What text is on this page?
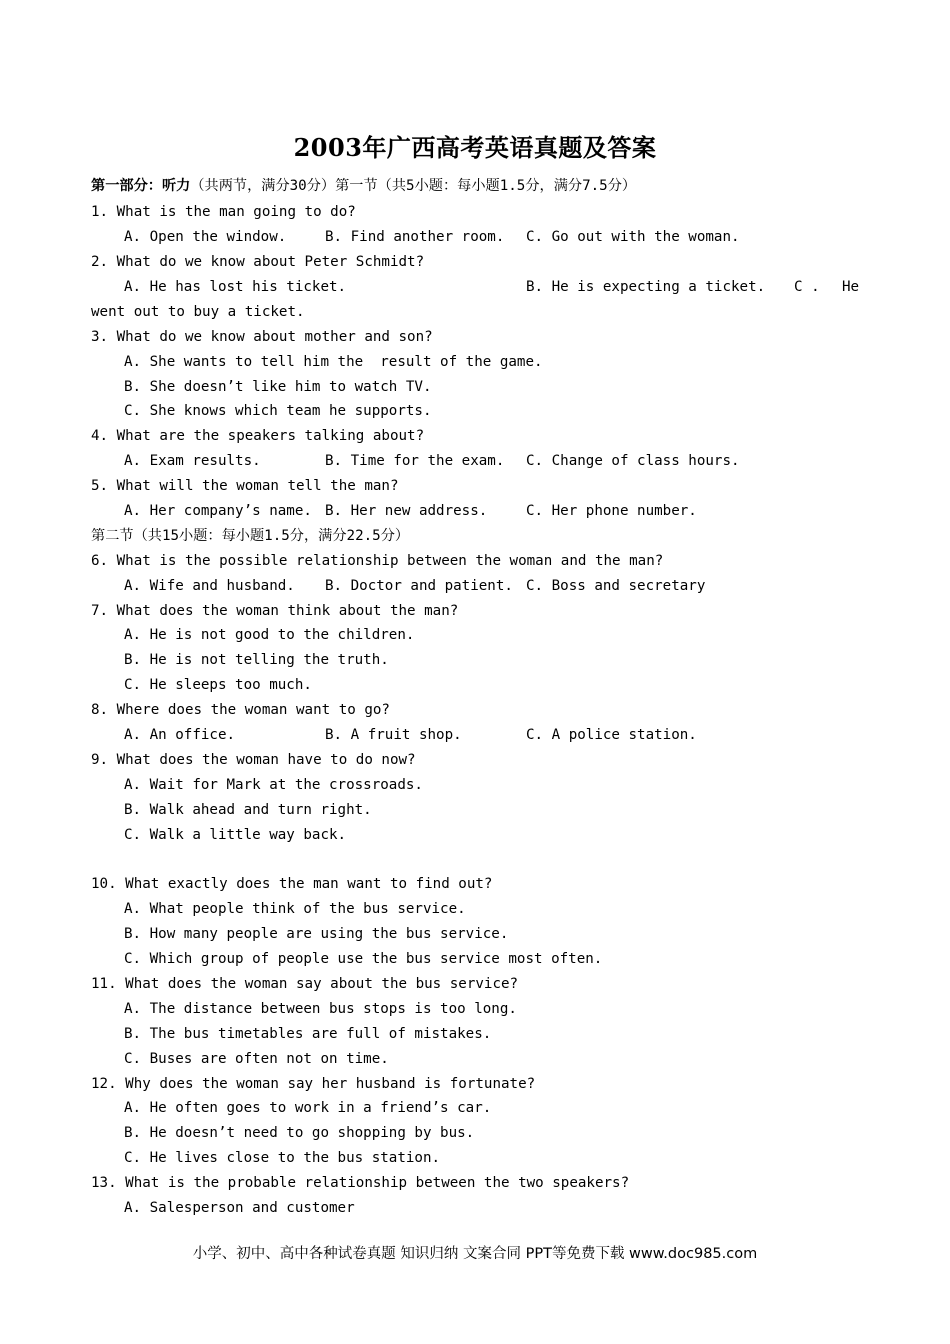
2003年广西高考英语真题及答案
第一部分：听力（共两节，满分30分）第一节（共5小题：每小题1.5分，满分7.5分）
1. What is the man going to do?
A. Open the window.	B. Find another room. C. Go out with the woman.
2. What do we know about Peter Schmidt?
A. He has lost his ticket.	B. He is expecting a ticket. C . He
went out to buy a ticket.
3. What do we know about mother and son?
A. She wants to tell him the  result of the game.
B. She doesn’t like him to watch TV.
C. She knows which team he supports.
4. What are the speakers talking about?
A. Exam results.	B. Time for the exam. C. Change of class hours.
5. What will the woman tell the man?
A. Her company’s name. B. Her new address.	C. Her phone number.
第二节（共15小题：每小题1.5分，满分22.5分）
6. What is the possible relationship between the woman and the man?
A. Wife and husband. B. Doctor and patient. C. Boss and secretary
7. What does the woman think about the man?
A. He is not good to the children.
B. He is not telling the truth.
C. He sleeps too much.
8. Where does the woman want to go?
A. An office.	B. A fruit shop.	C. A police station.
9. What does the woman have to do now?
A. Wait for Mark at the crossroads.
B. Walk ahead and turn right.
C. Walk a little way back.
10. What exactly does the man want to find out?
A. What people think of the bus service.
B. How many people are using the bus service.
C. Which group of people use the bus service most often.
11. What does the woman say about the bus service?
A. The distance between bus stops is too long.
B. The bus timetables are full of mistakes.
C. Buses are often not on time.
12. Why does the woman say her husband is fortunate?
A. He often goes to work in a friend’s car.
B. He doesn’t need to go shopping by bus.
C. He lives close to the bus station.
13. What is the probable relationship between the two speakers?
A. Salesperson and customer
小学、初中、高中各种试卷真题 知识归纳 文案合同 PPT等免费下载 www.doc985.com
